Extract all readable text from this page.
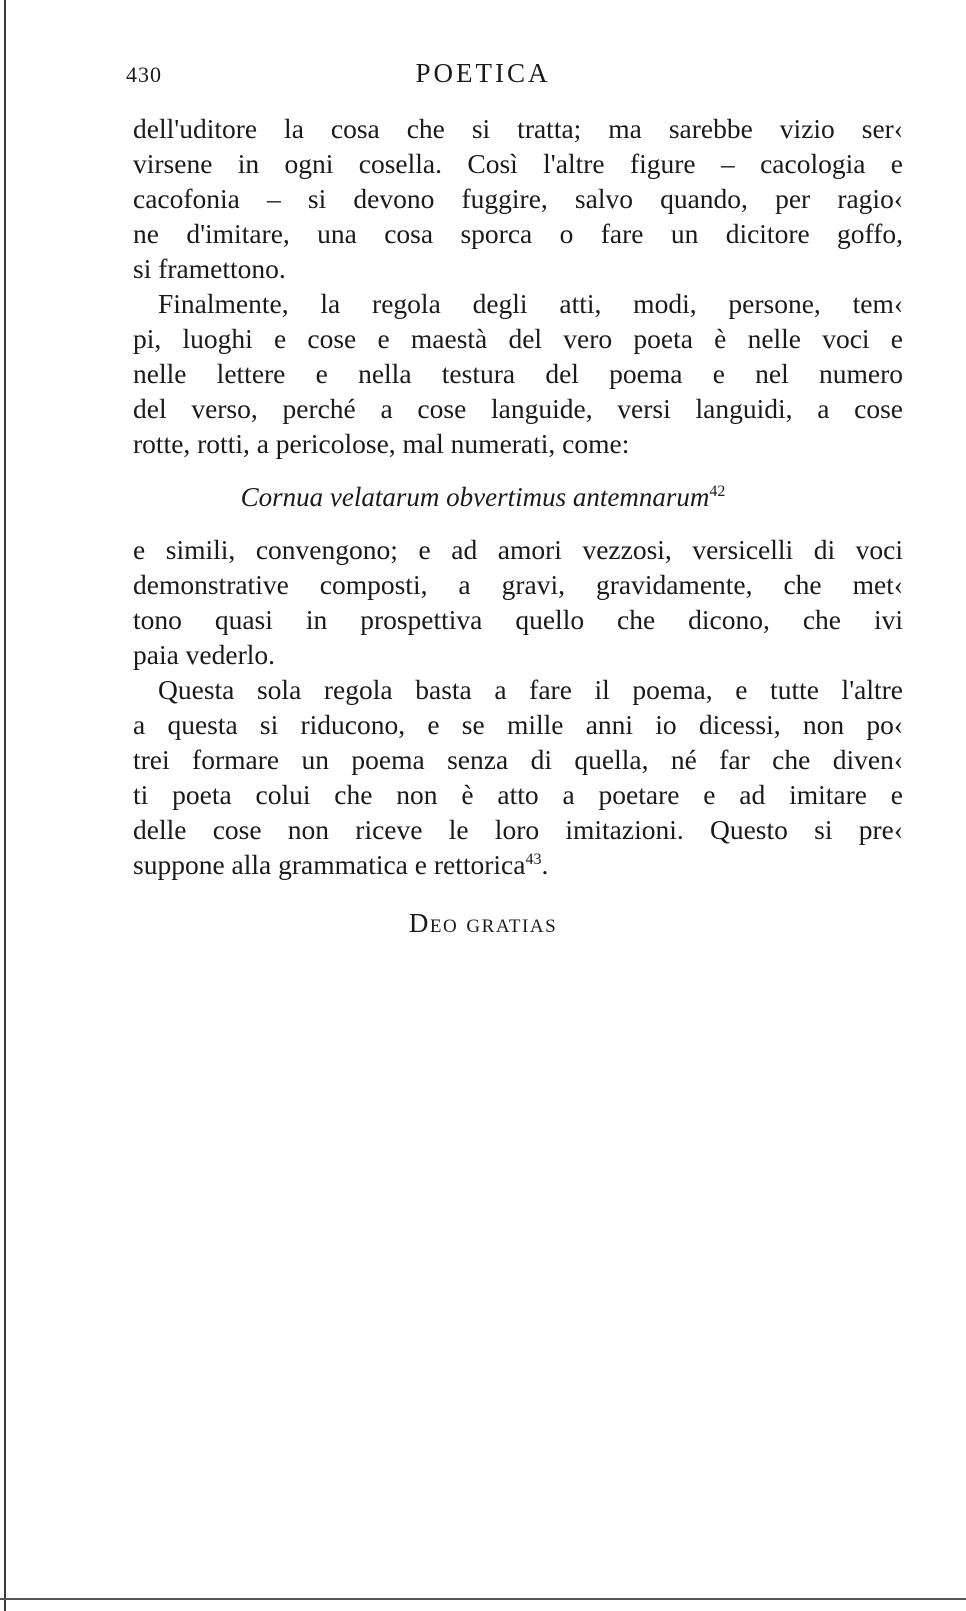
430	POETICA
dell'uditore la cosa che si tratta; ma sarebbe vizio ser‹
virsene in ogni cosella. Così l'altre figure – cacologia e
cacofonia – si devono fuggire, salvo quando, per ragio‹
ne d'imitare, una cosa sporca o fare un dicitore goffo,
si framettono.
Finalmente, la regola degli atti, modi, persone, tem‹
pi, luoghi e cose e maestà del vero poeta è nelle voci e
nelle lettere e nella testura del poema e nel numero
del verso, perché a cose languide, versi languidi, a cose
rotte, rotti, a pericolose, mal numerati, come:
Cornua velatarum obvertimus antemnarum$^{42}$
e simili, convengono; e ad amori vezzosi, versicelli di voci
demonstrative composti, a gravi, gravidamente, che met‹
tono quasi in prospettiva quello che dicono, che ivi
paia vederlo.
Questa sola regola basta a fare il poema, e tutte l'altre
a questa si riducono, e se mille anni io dicessi, non po‹
trei formare un poema senza di quella, né far che diven‹
ti poeta colui che non è atto a poetare e ad imitare e
delle cose non riceve le loro imitazioni. Questo si pre‹
suppone alla grammatica e rettorica$^{43}$.
Deo gratias
